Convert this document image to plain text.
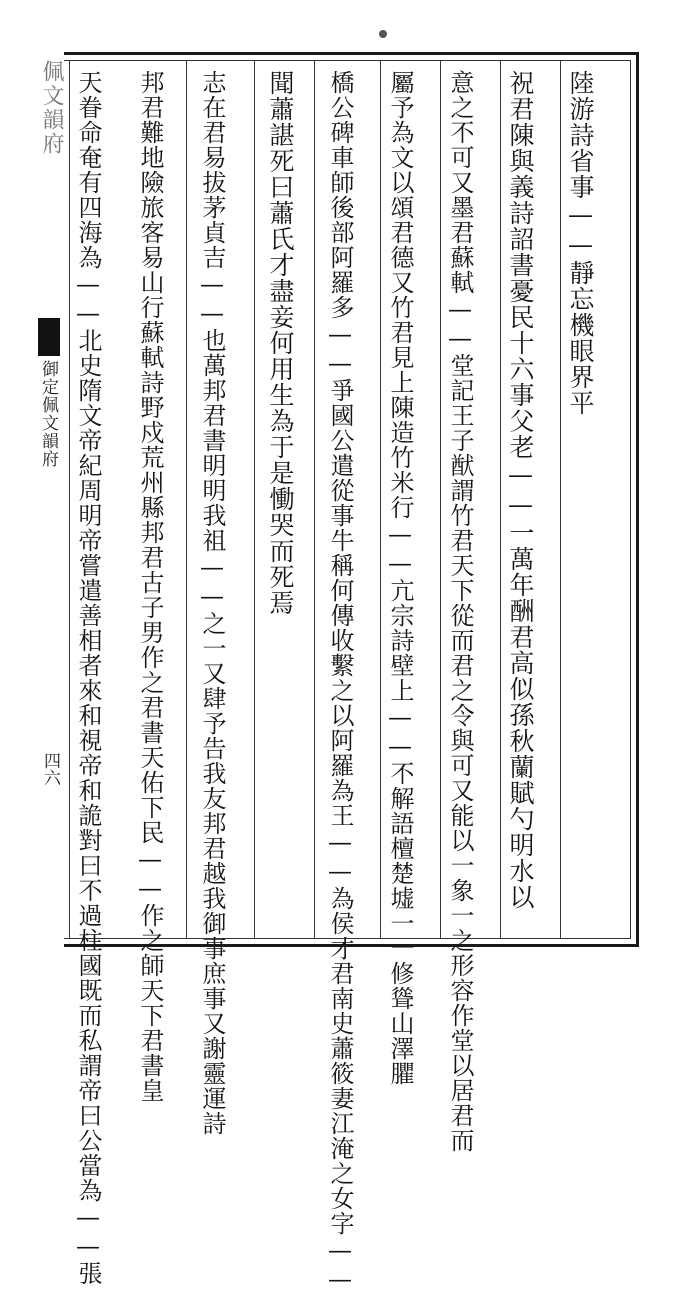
佩文韻府
御定佩文韻府
四六
陸游詩省事——靜忘機眼界平
祝君陳與義詩詔書憂民十六事父老——一萬年酬君高似孫秋蘭賦勺明水以
意之不可又墨君蘇軾——堂記王子猷謂竹君天下從而君之令與可又能以一象一之形容作堂以居君而
屬予為文以頌君德又竹君見上陳造竹米行——亢宗詩壁上——不解語檀楚墟一一修聳山澤臞
橋公碑車師後部阿羅多——爭國公遣從事牛稱何傳收繫之以阿羅為王——為侯才君南史蕭筱妻江淹之女字——
聞蕭諶死曰蕭氏才盡妾何用生為于是慟哭而死焉
志在君易拔茅貞吉——也萬邦君書明明我祖——之一又肆予告我友邦君越我御事庶事又謝靈運詩
邦君難地險旅客易山行蘇軾詩野戍荒州縣邦君古子男作之君書天佑下民——作之師天下君書皇
天眷命奄有四海為——北史隋文帝紀周明帝嘗遣善相者來和視帝和詭對曰不過柱國既而私謂帝曰公當為——張
